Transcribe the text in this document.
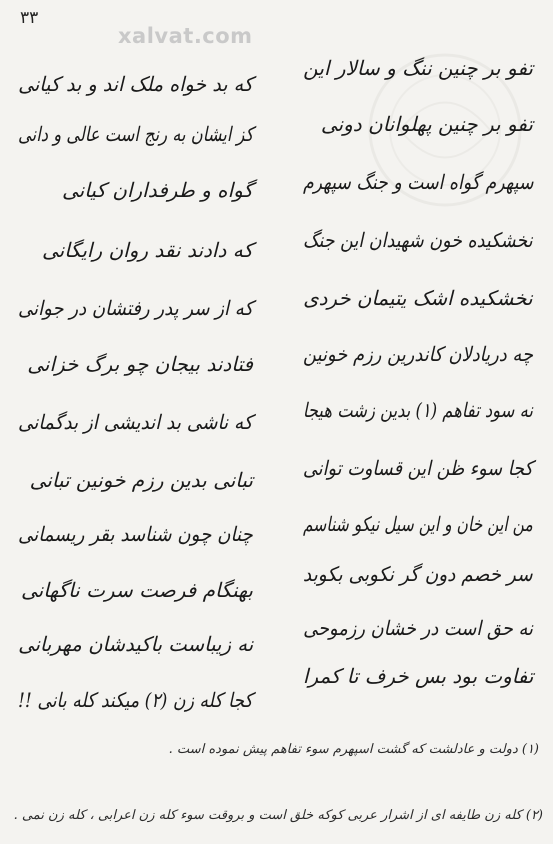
۳۳
xalvat.com
تفو بر چنین ننگ و سالار این
که بد خواه ملک اند و بد کیانی
تفو بر چنین پهلوانان دونی
کز ایشان به رنج است عالی و دانی
سپهرم گواه است و جنگ سپهرم
گواه و طرفداران کیانی
نخشکیده خون شهیدان این جنگ
که دادند نقد روان رایگانی
نخشکیده اشک یتیمان خردی
که از سر پدر رفتشان در جوانی
چه دریادلان کاندرین رزم خونین
فتادند بیجان چو برگ خزانی
نه سود تفاهم (۱) بدین زشت هیجا
که ناشی بد اندیشی از بدگمانی
کجا سوء ظن این قساوت توانی
تبانی بدین رزم خونین تبانی
من این خان و این سیل نیکو شناسم
چنان چون شناسد بقر ریسمانی
سر خصم دون گر نکوبی بکوبد
بهنگام فرصت سرت ناگهانی
نه حق است در خشان رزموحی
نه زیباست باکیدشان مهربانی
تفاوت بود بس خرف تا کمرا
کجا کله زن (۲) میکند کله بانی !!
(۱) دولت و عادلشت که گشت اسپهرم سوء تفاهم پیش نموده است .
(۲) کله زن طایفه ای از اشرار عربی کوکه خلق است و بروقت سوء کله زن اعرابی ، کله زن نمی .
